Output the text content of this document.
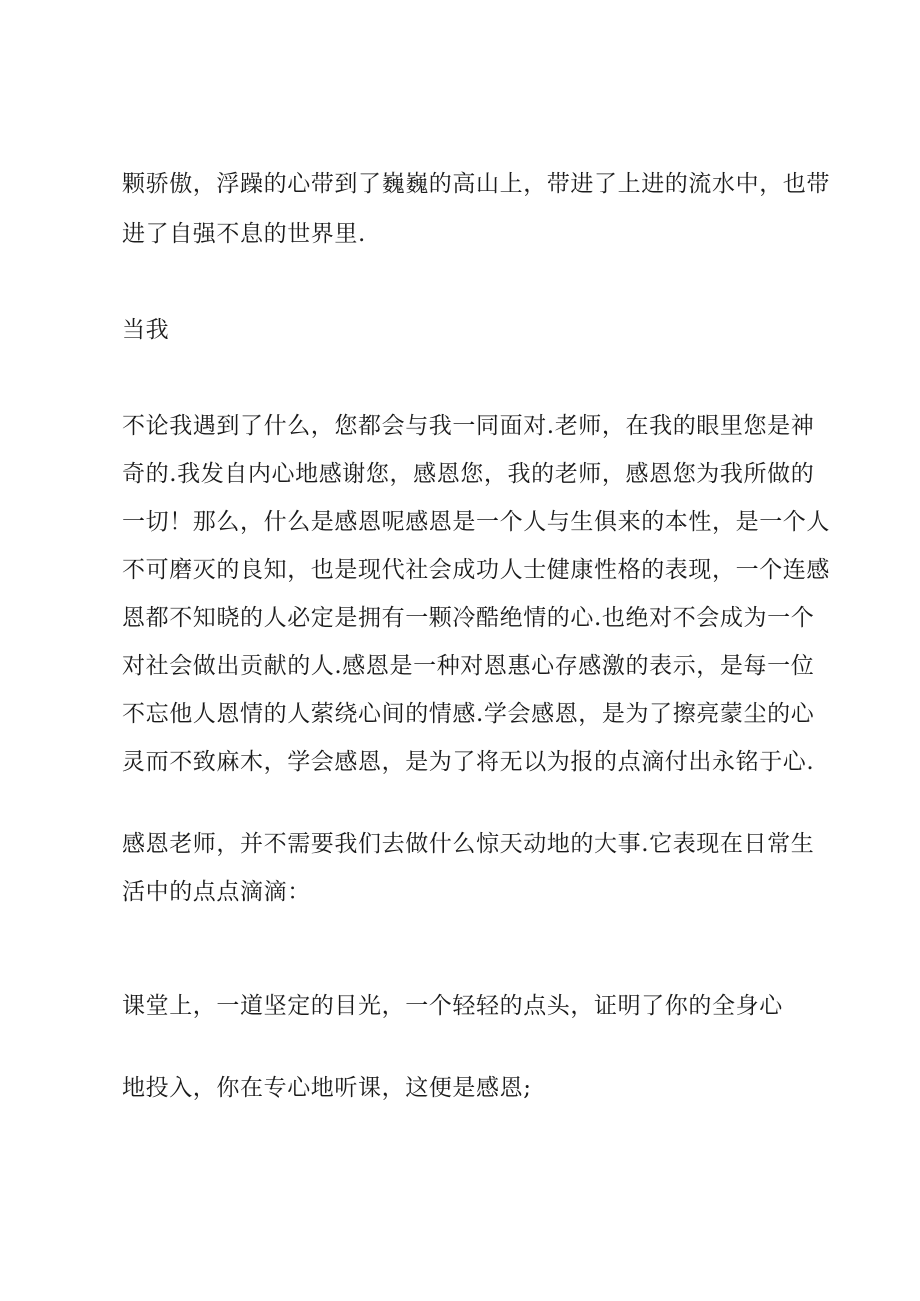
颗骄傲，浮躁的心带到了巍巍的高山上，带进了上进的流水中，也带
进了自强不息的世界里.
当我
不论我遇到了什么，您都会与我一同面对.老师，在我的眼里您是神
奇的.我发自内心地感谢您，感恩您，我的老师，感恩您为我所做的
一切！那么，什么是感恩呢感恩是一个人与生俱来的本性，是一个人
不可磨灭的良知，也是现代社会成功人士健康性格的表现，一个连感
恩都不知晓的人必定是拥有一颗冷酷绝情的心.也绝对不会成为一个
对社会做出贡献的人.感恩是一种对恩惠心存感激的表示，是每一位
不忘他人恩情的人萦绕心间的情感.学会感恩，是为了擦亮蒙尘的心
灵而不致麻木，学会感恩，是为了将无以为报的点滴付出永铭于心.
感恩老师，并不需要我们去做什么惊天动地的大事.它表现在日常生
活中的点点滴滴：
课堂上，一道坚定的目光，一个轻轻的点头，证明了你的全身心
地投入，你在专心地听课，这便是感恩;
